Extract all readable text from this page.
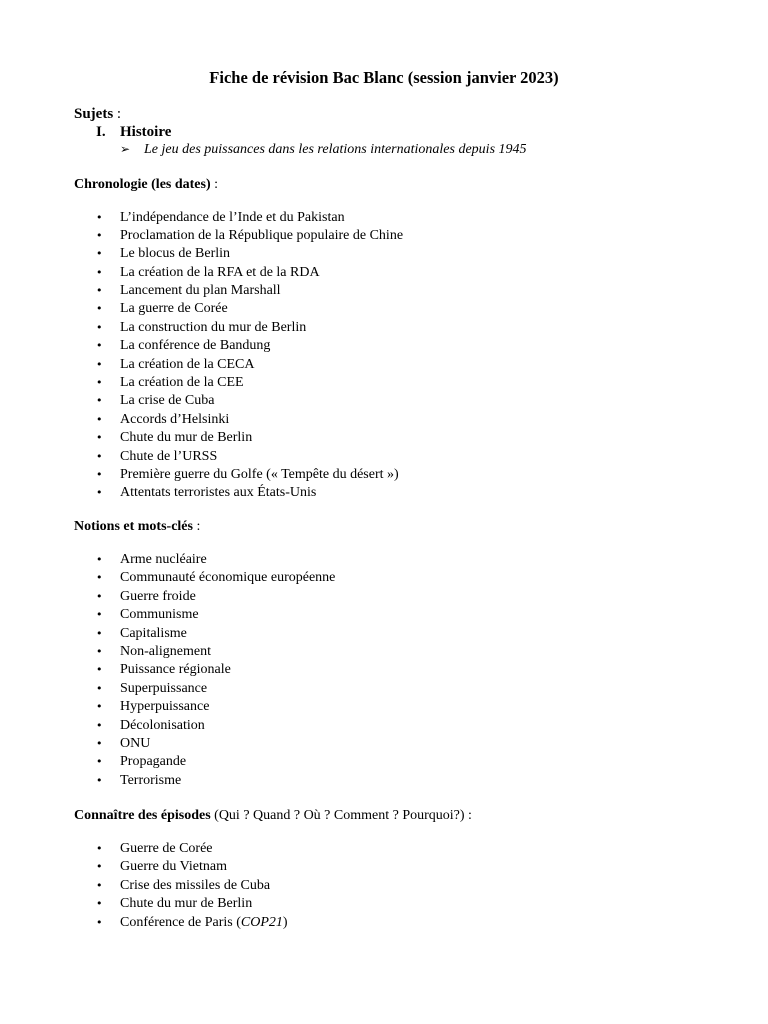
Fiche de révision Bac Blanc (session janvier 2023)
Sujets :
I. Histoire
➢ Le jeu des puissances dans les relations internationales depuis 1945
Chronologie (les dates) :
• L’indépendance de l’Inde et du Pakistan
• Proclamation de la République populaire de Chine
• Le blocus de Berlin
• La création de la RFA et de la RDA
• Lancement du plan Marshall
• La guerre de Corée
• La construction du mur de Berlin
• La conférence de Bandung
• La création de la CECA
• La création de la CEE
• La crise de Cuba
• Accords d’Helsinki
• Chute du mur de Berlin
• Chute de l’URSS
• Première guerre du Golfe (« Tempête du désert »)
• Attentats terroristes aux États-Unis
Notions et mots-clés :
• Arme nucléaire
• Communauté économique européenne
• Guerre froide
• Communisme
• Capitalisme
• Non-alignement
• Puissance régionale
• Superpuissance
• Hyperpuissance
• Décolonisation
• ONU
• Propagande
• Terrorisme
Connaître des épisodes (Qui ? Quand ? Où ? Comment ? Pourquoi?) :
• Guerre de Corée
• Guerre du Vietnam
• Crise des missiles de Cuba
• Chute du mur de Berlin
• Conférence de Paris (COP21)
